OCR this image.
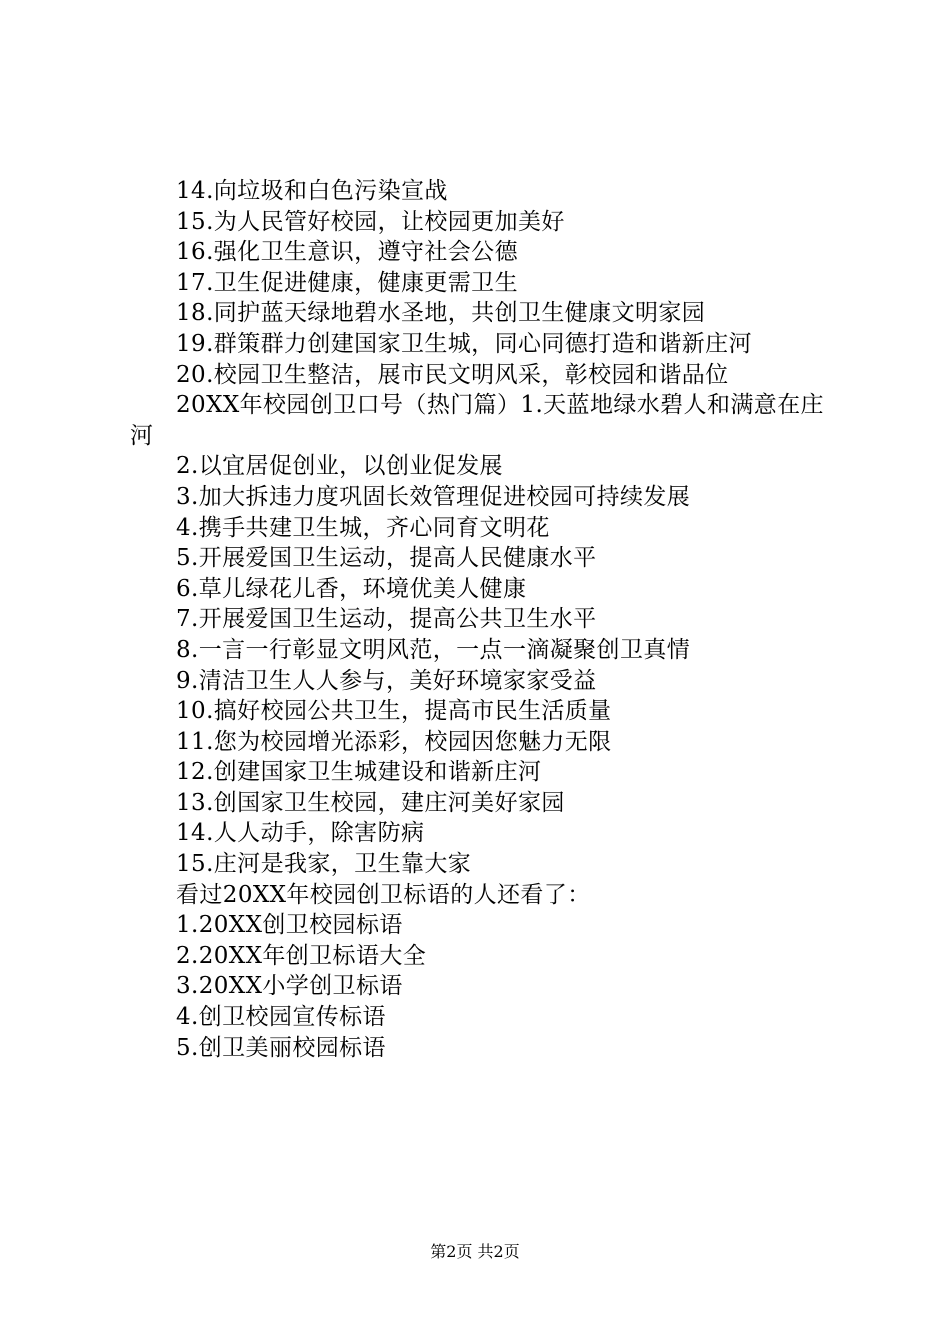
14.向垃圾和白色污染宣战
15.为人民管好校园，让校园更加美好
16.强化卫生意识，遵守社会公德
17.卫生促进健康，健康更需卫生
18.同护蓝天绿地碧水圣地，共创卫生健康文明家园
19.群策群力创建国家卫生城，同心同德打造和谐新庄河
20.校园卫生整洁，展市民文明风采，彰校园和谐品位
20XX年校园创卫口号（热门篇）1.天蓝地绿水碧人和满意在庄河
2.以宜居促创业，以创业促发展
3.加大拆违力度巩固长效管理促进校园可持续发展
4.携手共建卫生城，齐心同育文明花
5.开展爱国卫生运动，提高人民健康水平
6.草儿绿花儿香，环境优美人健康
7.开展爱国卫生运动，提高公共卫生水平
8.一言一行彰显文明风范，一点一滴凝聚创卫真情
9.清洁卫生人人参与，美好环境家家受益
10.搞好校园公共卫生，提高市民生活质量
11.您为校园增光添彩，校园因您魅力无限
12.创建国家卫生城建设和谐新庄河
13.创国家卫生校园，建庄河美好家园
14.人人动手，除害防病
15.庄河是我家，卫生靠大家
看过20XX年校园创卫标语的人还看了：
1.20XX创卫校园标语
2.20XX年创卫标语大全
3.20XX小学创卫标语
4.创卫校园宣传标语
5.创卫美丽校园标语
第2页 共2页
